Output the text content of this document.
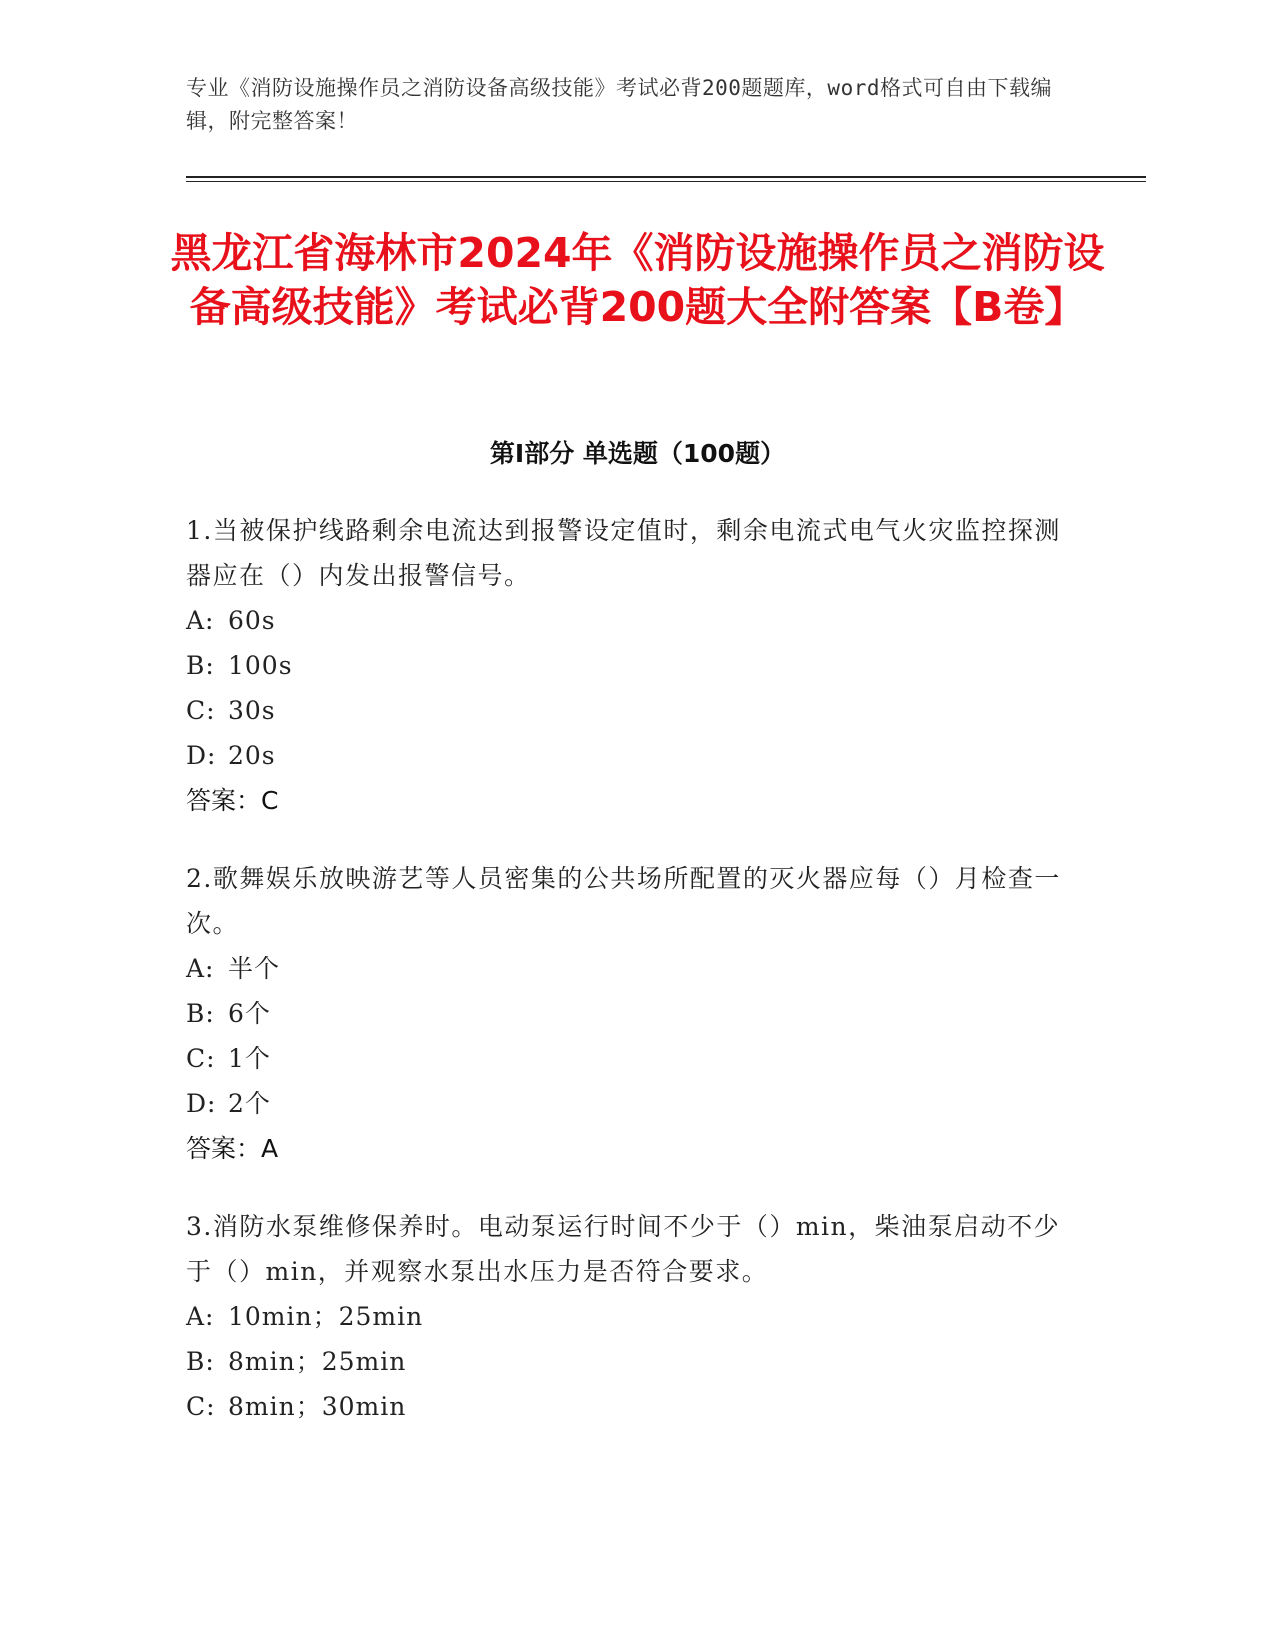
专业《消防设施操作员之消防设备高级技能》考试必背200题题库，word格式可自由下载编辑，附完整答案！
黑龙江省海林市2024年《消防设施操作员之消防设备高级技能》考试必背200题大全附答案【B卷】
第Ⅰ部分 单选题（100题）
1.当被保护线路剩余电流达到报警设定值时，剩余电流式电气火灾监控探测器应在（）内发出报警信号。
A: 60s
B: 100s
C: 30s
D: 20s
答案：C
2.歌舞娱乐放映游艺等人员密集的公共场所配置的灭火器应每（）月检查一次。
A: 半个
B: 6个
C: 1个
D: 2个
答案：A
3.消防水泵维修保养时。电动泵运行时间不少于（）min，柴油泵启动不少于（）min，并观察水泵出水压力是否符合要求。
A: 10min；25min
B: 8min；25min
C: 8min；30min
